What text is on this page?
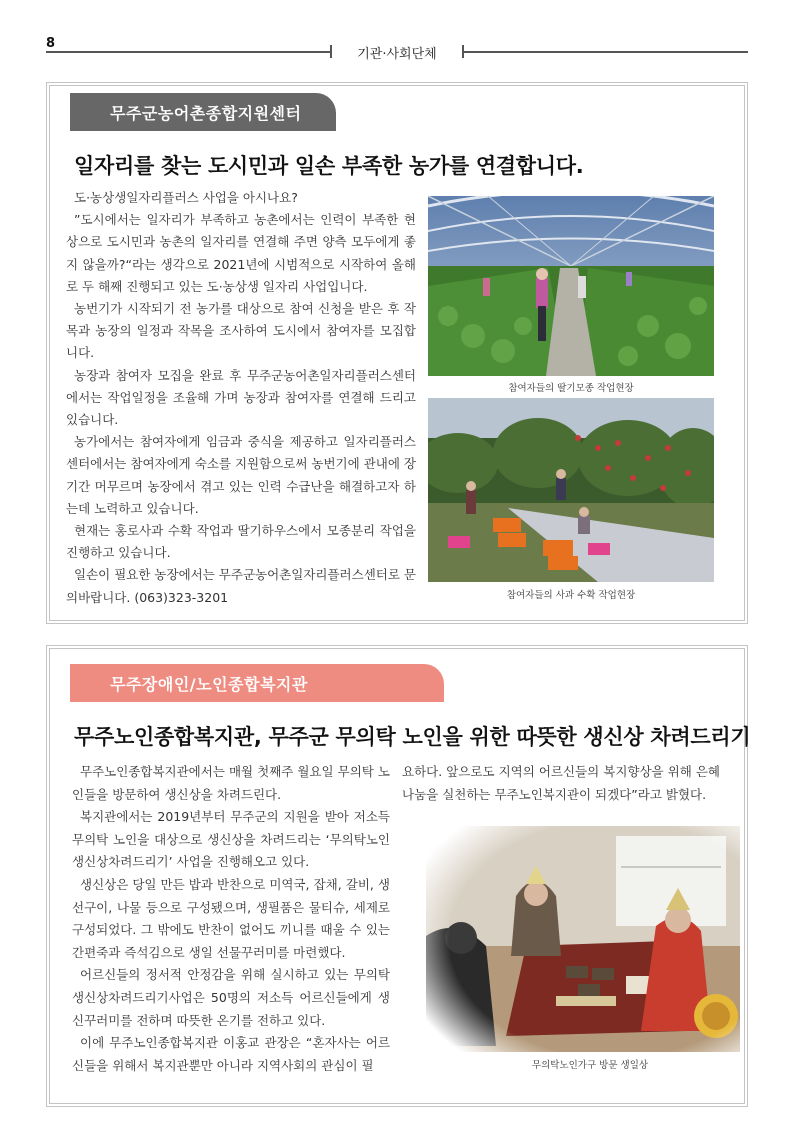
8
기관·사회단체
무주군농어촌종합지원센터
일자리를 찾는 도시민과 일손 부족한 농가를 연결합니다.

도·농상생일자리플러스 사업을 아시나요?

”도시에서는 일자리가 부족하고 농촌에서는 인력이 부족한 현상으로 도시민과 농촌의 일자리를 연결해 주면 양측 모두에게 좋지 않을까?“라는 생각으로 2021년에 시범적으로 시작하여 올해로 두 해째 진행되고 있는 도·농상생 일자리 사업입니다.

농번기가 시작되기 전 농가를 대상으로 참여 신청을 받은 후 작목과 농장의 일정과 작목을 조사하여 도시에서 참여자를 모집합니다.

농장과 참여자 모집을 완료 후 무주군농어촌일자리플러스센터에서는 작업일정을 조율해 가며 농장과 참여자를 연결해 드리고 있습니다.

농가에서는 참여자에게 임금과 중식을 제공하고 일자리플러스센터에서는 참여자에게 숙소를 지원함으로써 농번기에 관내에 장기간 머무르며 농장에서 겪고 있는 인력 수급난을 해결하고자 하는데 노력하고 있습니다.

현재는 홍로사과 수확 작업과 딸기하우스에서 모종분리 작업을 진행하고 있습니다.

일손이 필요한 농장에서는 무주군농어촌일자리플러스센터로 문의바랍니다. (063)323-3201

참여자들의 딸기모종 작업현장
참여자들의 사과 수확 작업현장
무주장애인/노인종합복지관
무주노인종합복지관, 무주군 무의탁 노인을 위한 따뜻한 생신상 차려드리기

무주노인종합복지관에서는 매월 첫째주 월요일 무의탁 노인들을 방문하여 생신상을 차려드린다.

복지관에서는 2019년부터 무주군의 지원을 받아 저소득 무의탁 노인을 대상으로 생신상을 차려드리는 ‘무의탁노인생신상차려드리기’ 사업을 진행해오고 있다.

생신상은 당일 만든 밥과 반찬으로 미역국, 잡채, 갈비, 생선구이, 나물 등으로 구성됐으며, 생필품은 물티슈, 세제로 구성되었다. 그 밖에도 반찬이 없어도 끼니를 때울 수 있는 간편죽과 즉석김으로 생일 선물꾸러미를 마련했다.

어르신들의 정서적 안정감을 위해 실시하고 있는 무의탁생신상차려드리기사업은 50명의 저소득 어르신들에게 생신꾸러미를 전하며 따뜻한 온기를 전하고 있다.

이에 무주노인종합복지관 이홍교 관장은 “혼자사는 어르신들을 위해서 복지관뿐만 아니라 지역사회의 관심이 필

요하다. 앞으로도 지역의 어르신들의 복지향상을 위해 은혜나눔을 실천하는 무주노인복지관이 되겠다”라고 밝혔다.

무의탁노인가구 방문 생일상
